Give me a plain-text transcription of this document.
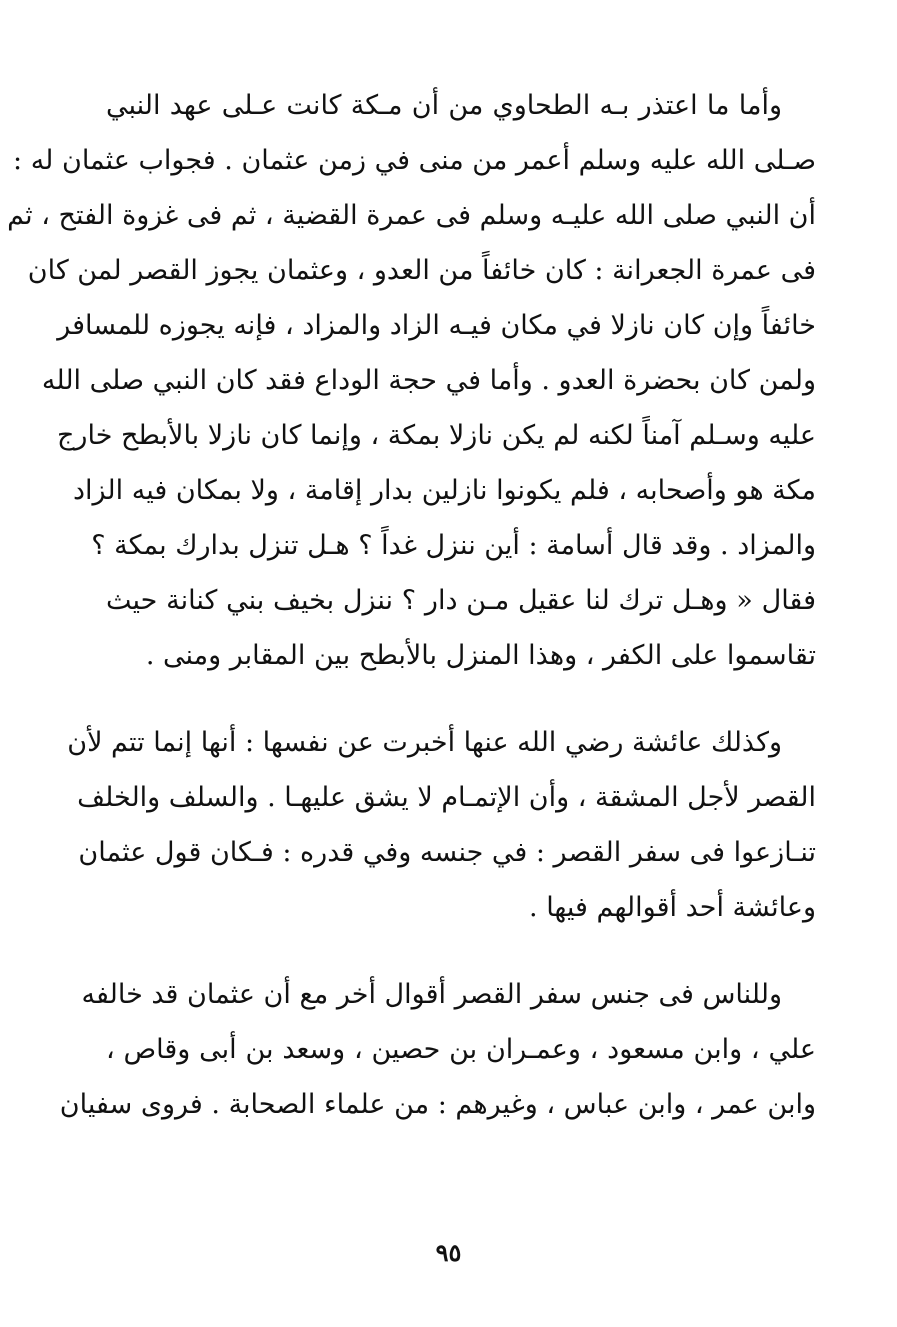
وأما ما اعتذر بـه الطحاوي من أن مـكة كانت عـلى عهد النبي
صـلى الله عليه وسلم أعمر من منى في زمن عثمان . فجواب عثمان له :
أن النبي صلى الله عليـه وسلم فى عمرة القضية ، ثم فى غزوة الفتح ، ثم
فى عمرة الجعرانة : كان خائفاً من العدو ، وعثمان يجوز القصر لمن كان
خائفاً وإن كان نازلا في مكان فيـه الزاد والمزاد ، فإنه يجوزه للمسافر
ولمن كان بحضرة العدو . وأما في حجة الوداع فقد كان النبي صلى الله
عليه وسـلم آمناً لكنه لم يكن نازلا بمكة ، وإنما كان نازلا بالأبطح خارج
مكة هو وأصحابه ، فلم يكونوا نازلين بدار إقامة ، ولا بمكان فيه الزاد
والمزاد . وقد قال أسامة : أين ننزل غداً ؟ هـل تنزل بدارك بمكة ؟
فقال « وهـل ترك لنا عقيل مـن دار ؟ ننزل بخيف بني كنانة حيث
تقاسموا على الكفر ، وهذا المنزل بالأبطح بين المقابر ومنى .
وكذلك عائشة رضي الله عنها أخبرت عن نفسها : أنها إنما تتم لأن
القصر لأجل المشقة ، وأن الإتمـام لا يشق عليهـا . والسلف والخلف
تنـازعوا فى سفر القصر : في جنسه وفي قدره : فـكان قول عثمان
وعائشة أحد أقوالهم فيها .
وللناس فى جنس سفر القصر أقوال أخر مع أن عثمان قد خالفه
علي ، وابن مسعود ، وعمـران بن حصين ، وسعد بن أبى وقاص ،
وابن عمر ، وابن عباس ، وغيرهم : من علماء الصحابة . فروى سفيان
٩٥
